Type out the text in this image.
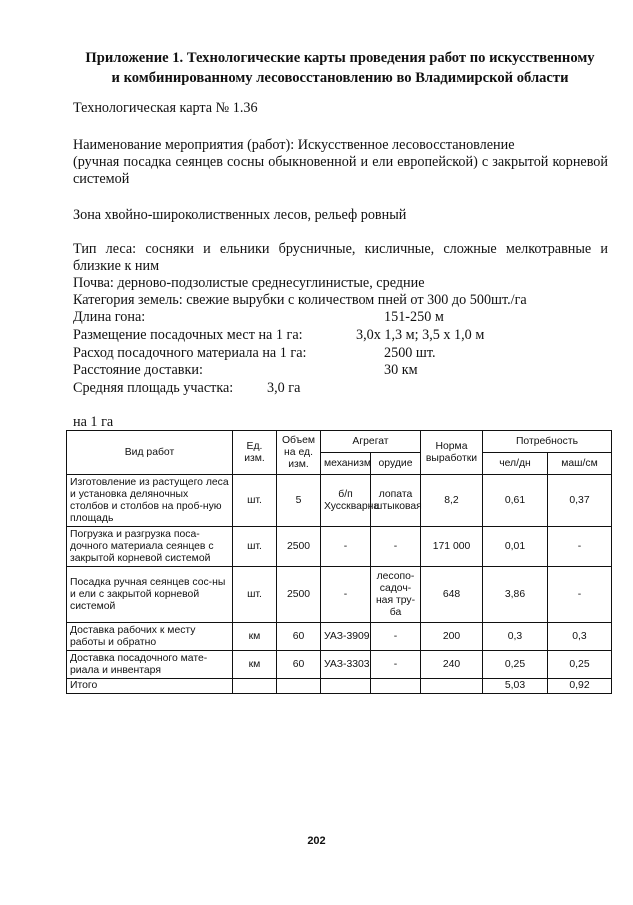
Приложение 1. Технологические карты проведения работ по искусственному
и комбинированному лесовосстановлению во Владимирской области
Технологическая карта № 1.36
Наименование мероприятия (работ): Искусственное лесовосстановление
(ручная посадка сеянцев сосны обыкновенной и ели европейской) с закрытой корневой системой
Зона хвойно-широколиственных лесов, рельеф ровный
Тип леса: сосняки и ельники брусничные, кисличные, сложные мелкотравные и близкие к ним
Почва: дерново-подзолистые среднесуглинистые, средние
Категория земель: свежие вырубки с количеством пней от 300 до 500шт./га
Длина гона:	151-250 м
Размещение посадочных мест на 1 га:	3,0х 1,3 м; 3,5 х 1,0 м
Расход посадочного материала на 1 га:	2500 шт.
Расстояние доставки:	30 км
Средняя площадь участка: 3,0 га
на 1 га
Вид работ	Ед. изм.	Объем на ед. изм.	Агрегат		Норма выработки	Потребность	
			механизм	орудие		чел/дн	маш/см
Изготовление из растущего леса и установка деляночных столбов и столбов на проб-ную площадь	шт.	5	б/п Хусскварна	лопата штыковая	8,2	0,61	0,37
Погрузка и разгрузка поса-дочного материала сеянцев с закрытой корневой системой	шт.	2500	-	-	171 000	0,01	-
Посадка ручная сеянцев сос-ны и ели с закрытой корневой системой	шт.	2500	-	лесопо-садоч-ная тру-ба	648	3,86	-
Доставка рабочих к месту работы и обратно	км	60	УАЗ-3909	-	200	0,3	0,3
Доставка посадочного мате-риала и инвентаря	км	60	УАЗ-3303	-	240	0,25	0,25
Итого						5,03	0,92
202
